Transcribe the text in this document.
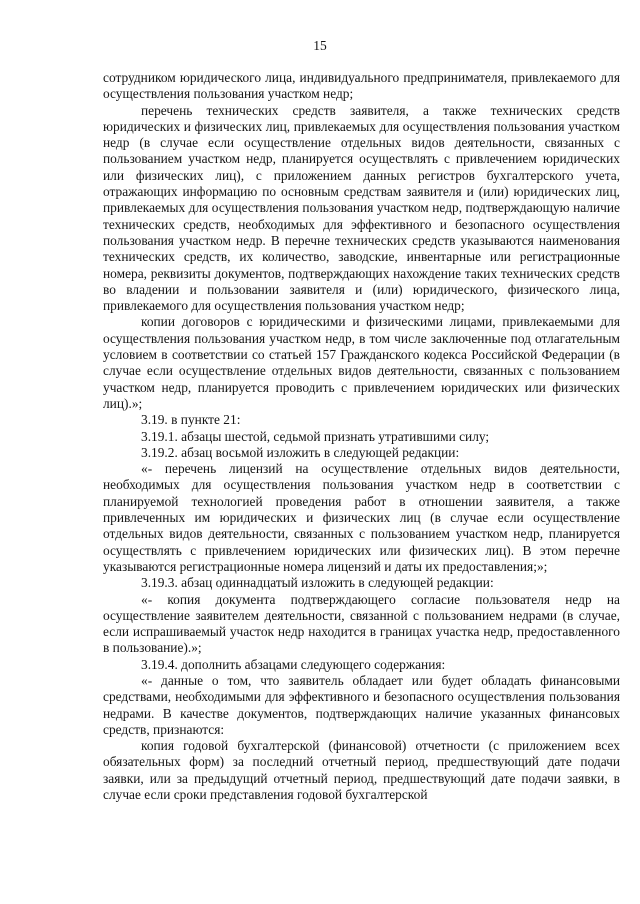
15

сотрудником юридического лица, индивидуального предпринимателя, привлекаемого для осуществления пользования участком недр;

перечень технических средств заявителя, а также технических средств юридических и физических лиц, привлекаемых для осуществления пользования участком недр (в случае если осуществление отдельных видов деятельности, связанных с пользованием участком недр, планируется осуществлять с привлечением юридических или физических лиц), с приложением данных регистров бухгалтерского учета, отражающих информацию по основным средствам заявителя и (или) юридических лиц, привлекаемых для осуществления пользования участком недр, подтверждающую наличие технических средств, необходимых для эффективного и безопасного осуществления пользования участком недр. В перечне технических средств указываются наименования технических средств, их количество, заводские, инвентарные или регистрационные номера, реквизиты документов, подтверждающих нахождение таких технических средств во владении и пользовании заявителя и (или) юридического, физического лица, привлекаемого для осуществления пользования участком недр;

копии договоров с юридическими и физическими лицами, привлекаемыми для осуществления пользования участком недр, в том числе заключенные под отлагательным условием в соответствии со статьей 157 Гражданского кодекса Российской Федерации (в случае если осуществление отдельных видов деятельности, связанных с пользованием участком недр, планируется проводить с привлечением юридических или физических лиц).»;

3.19. в пункте 21:

3.19.1. абзацы шестой, седьмой признать утратившими силу;

3.19.2. абзац восьмой изложить в следующей редакции:

«- перечень лицензий на осуществление отдельных видов деятельности, необходимых для осуществления пользования участком недр в соответствии с планируемой технологией проведения работ в отношении заявителя, а также привлеченных им юридических и физических лиц (в случае если осуществление отдельных видов деятельности, связанных с пользованием участком недр, планируется осуществлять с привлечением юридических или физических лиц). В этом перечне указываются регистрационные номера лицензий и даты их предоставления;»;

3.19.3. абзац одиннадцатый изложить в следующей редакции:

«- копия документа подтверждающего согласие пользователя недр на осуществление заявителем деятельности, связанной с пользованием недрами (в случае, если испрашиваемый участок недр находится в границах участка недр, предоставленного в пользование).»;

3.19.4. дополнить абзацами следующего содержания:

«- данные о том, что заявитель обладает или будет обладать финансовыми средствами, необходимыми для эффективного и безопасного осуществления пользования недрами. В качестве документов, подтверждающих наличие указанных финансовых средств, признаются:

копия годовой бухгалтерской (финансовой) отчетности (с приложением всех обязательных форм) за последний отчетный период, предшествующий дате подачи заявки, или за предыдущий отчетный период, предшествующий дате подачи заявки, в случае если сроки представления годовой бухгалтерской
